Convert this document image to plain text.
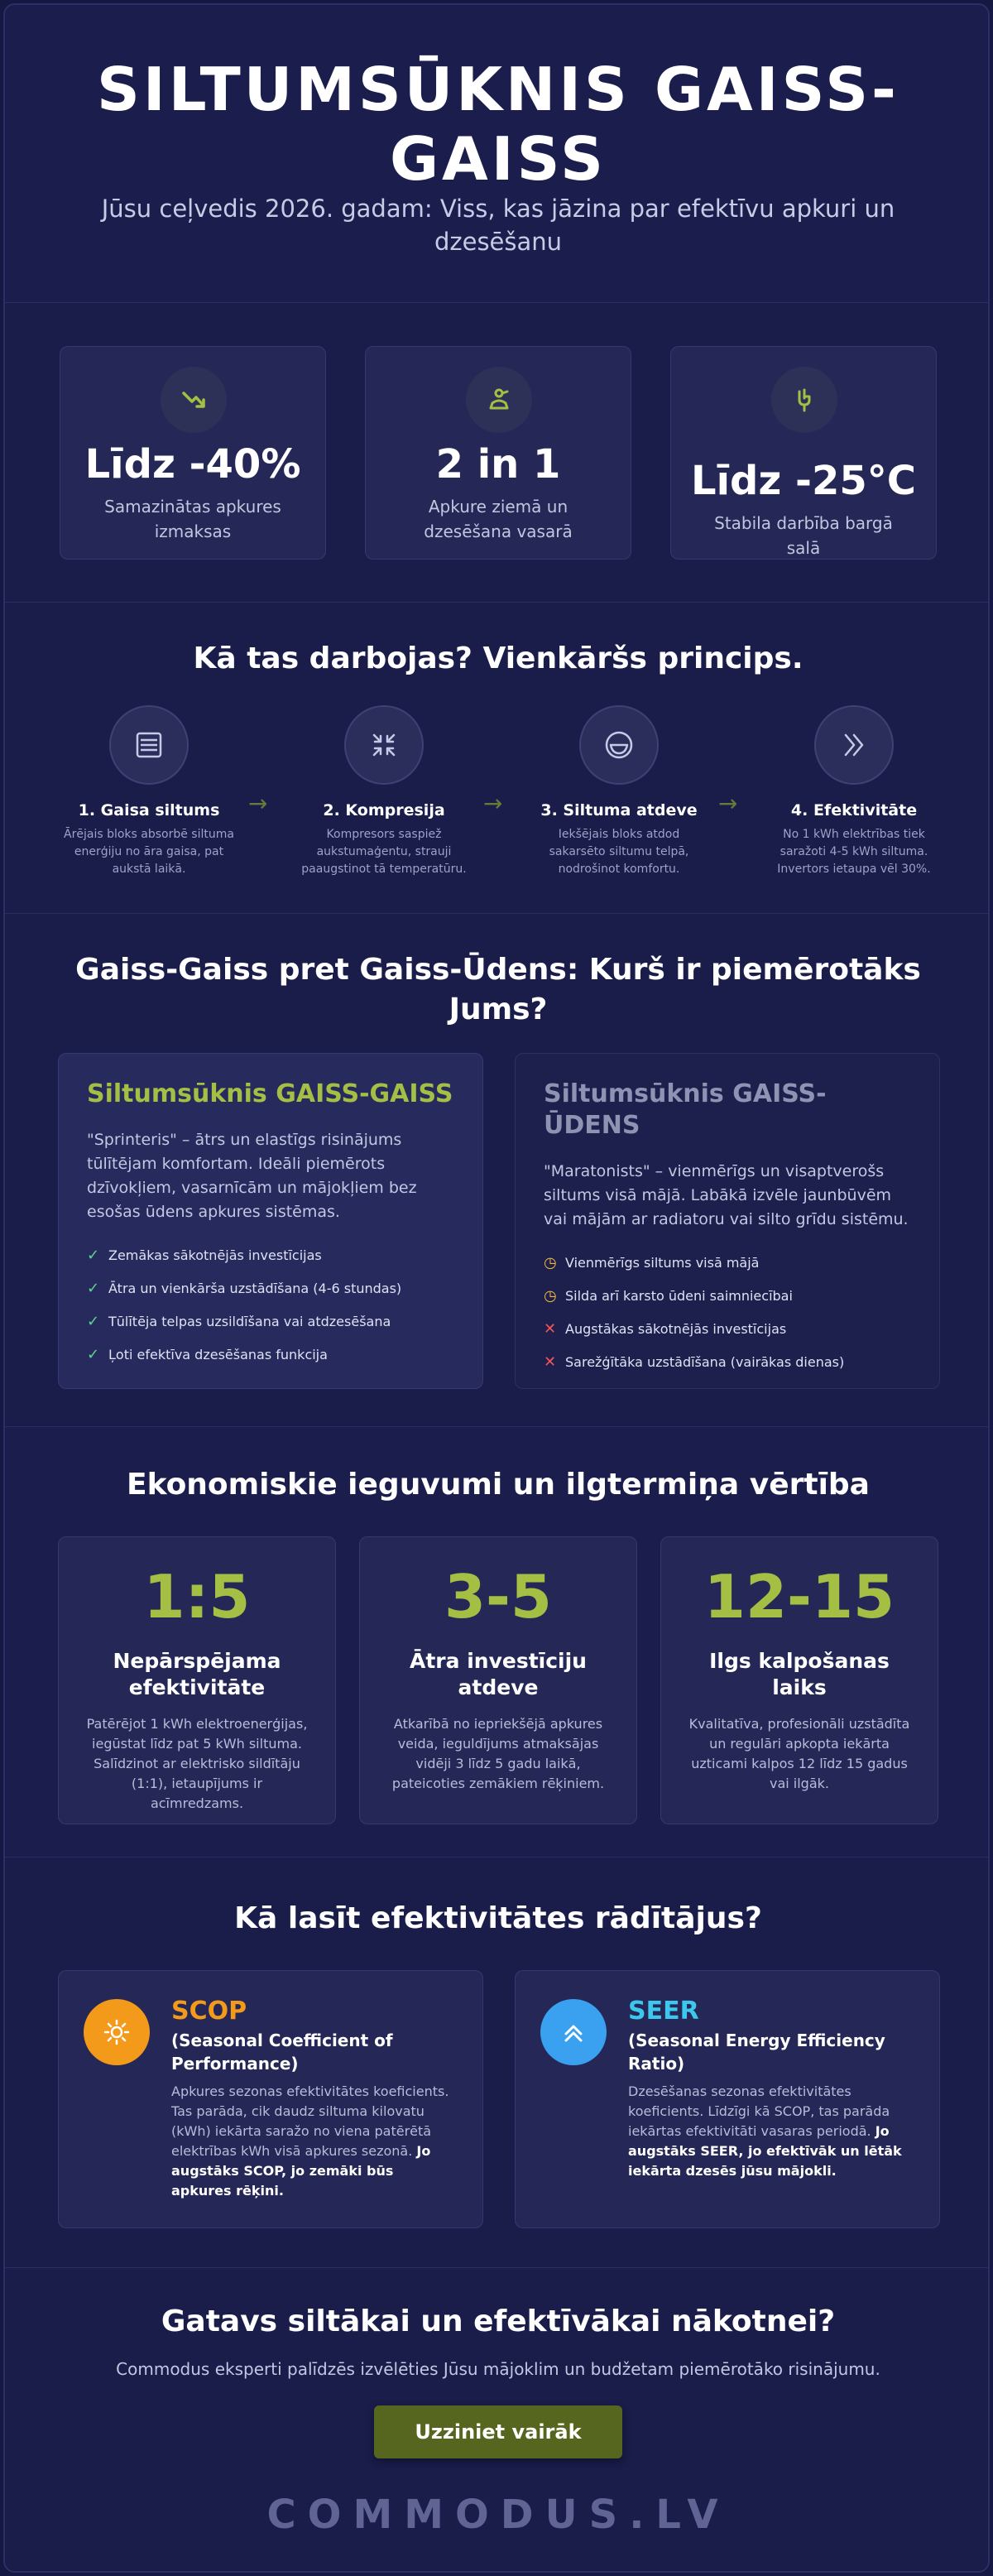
SILTUMSŪKNIS GAISS-GAISS

Jūsu ceļvedis 2026. gadam: Viss, kas jāzina par efektīvu apkuri un dzesēšanu

Līdz -40%
Samazinātas apkures izmaksas
2 in 1
Apkure ziemā un dzesēšana vasarā
Līdz -25°C
Stabila darbība bargā salā
Kā tas darbojas? Vienkāršs princips.
1. Gaisa siltums
Ārējais bloks absorbē siltuma enerģiju no āra gaisa, pat aukstā laikā.
→	2. Kompresija
Kompresors saspiež aukstumaģentu, strauji paaugstinot tā temperatūru.
→	3. Siltuma atdeve
Iekšējais bloks atdod sakarsēto siltumu telpā, nodrošinot komfortu.
→	4. Efektivitāte
No 1 kWh elektrības tiek saražoti 4-5 kWh siltuma. Invertors ietaupa vēl 30%.
Gaiss-Gaiss pret Gaiss-Ūdens: Kurš ir piemērotāks Jums?
Siltumsūknis GAISS-GAISS
"Sprinteris" – ātrs un elastīgs risinājums tūlītējam komfortam. Ideāli piemērots dzīvokļiem, vasarnīcām un mājokļiem bez esošas ūdens apkures sistēmas.
✓ Zemākas sākotnējās investīcijas
✓ Ātra un vienkārša uzstādīšana (4-6 stundas)
✓ Tūlītēja telpas uzsildīšana vai atdzesēšana
✓ Ļoti efektīva dzesēšanas funkcija
Siltumsūknis GAISS-ŪDENS
"Maratonists" – vienmērīgs un visaptverošs siltums visā mājā. Labākā izvēle jaunbūvēm vai mājām ar radiatoru vai silto grīdu sistēmu.
◷ Vienmērīgs siltums visā mājā
◷ Silda arī karsto ūdeni saimniecībai
✕ Augstākas sākotnējās investīcijas
✕ Sarežģītāka uzstādīšana (vairākas dienas)
Ekonomiskie ieguvumi un ilgtermiņa vērtība
1:5
Nepārspējama efektivitāte
Patērējot 1 kWh elektroenerģijas, iegūstat līdz pat 5 kWh siltuma. Salīdzinot ar elektrisko sildītāju (1:1), ietaupījums ir acīmredzams.
3-5
Ātra investīciju atdeve
Atkarībā no iepriekšējā apkures veida, ieguldījums atmaksājas vidēji 3 līdz 5 gadu laikā, pateicoties zemākiem rēķiniem.
12-15
Ilgs kalpošanas laiks
Kvalitatīva, profesionāli uzstādīta un regulāri apkopta iekārta uzticami kalpos 12 līdz 15 gadus vai ilgāk.
Kā lasīt efektivitātes rādītājus?
SCOP
(Seasonal Coefficient of Performance)
Apkures sezonas efektivitātes koeficients. Tas parāda, cik daudz siltuma kilovatu (kWh) iekārta saražo no viena patērētā elektrības kWh visā apkures sezonā. Jo augstāks SCOP, jo zemāki būs apkures rēķini.
SEER
(Seasonal Energy Efficiency Ratio)
Dzesēšanas sezonas efektivitātes koeficients. Līdzīgi kā SCOP, tas parāda iekārtas efektivitāti vasaras periodā. Jo augstāks SEER, jo efektīvāk un lētāk iekārta dzesēs jūsu mājokli.
Gatavs siltākai un efektīvākai nākotnei?

Commodus eksperti palīdzēs izvēlēties Jūsu mājoklim un budžetam piemērotāko risinājumu.

Uzziniet vairāk
COMMODUS.LV
